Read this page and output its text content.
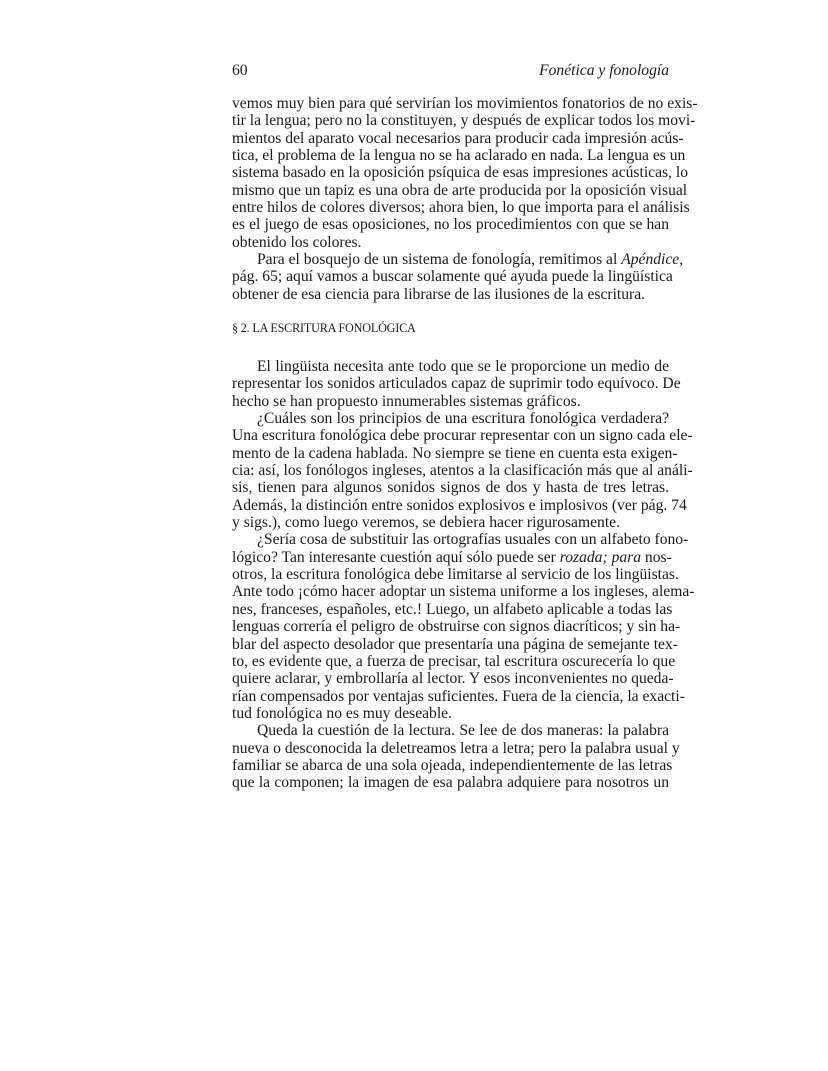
60	Fonética y fonología
vemos muy bien para qué servirían los movimientos fonatorios de no exis-
tir la lengua; pero no la constituyen, y después de explicar todos los movi-
mientos del aparato vocal necesarios para producir cada impresión acús-
tica, el problema de la lengua no se ha aclarado en nada. La lengua es un
sistema basado en la oposición psíquica de esas impresiones acústicas, lo
mismo que un tapiz es una obra de arte producida por la oposición visual
entre hilos de colores diversos; ahora bien, lo que importa para el análisis
es el juego de esas oposiciones, no los procedimientos con que se han
obtenido los colores.
Para el bosquejo de un sistema de fonología, remitimos al Apéndice,
pág. 65; aquí vamos a buscar solamente qué ayuda puede la lingüística
obtener de esa ciencia para librarse de las ilusiones de la escritura.
§ 2. LA ESCRITURA FONOLÓGICA
El lingüista necesita ante todo que se le proporcione un medio de
representar los sonidos articulados capaz de suprimir todo equívoco. De
hecho se han propuesto innumerables sistemas gráficos.
¿Cuáles son los principios de una escritura fonológica verdadera?
Una escritura fonológica debe procurar representar con un signo cada ele-
mento de la cadena hablada. No siempre se tiene en cuenta esta exigen-
cia: así, los fonólogos ingleses, atentos a la clasificación más que al análi-
sis, tienen para algunos sonidos signos de dos y hasta de tres letras.
Además, la distinción entre sonidos explosivos e implosivos (ver pág. 74
y sigs.), como luego veremos, se debiera hacer rigurosamente.
¿Sería cosa de substituir las ortografías usuales con un alfabeto fono-
lógico? Tan interesante cuestión aquí sólo puede ser rozada; para nos-
otros, la escritura fonológica debe limitarse al servicio de los lingüistas.
Ante todo ¡cómo hacer adoptar un sistema uniforme a los ingleses, alema-
nes, franceses, españoles, etc.! Luego, un alfabeto aplicable a todas las
lenguas correría el peligro de obstruirse con signos diacríticos; y sin ha-
blar del aspecto desolador que presentaría una página de semejante tex-
to, es evidente que, a fuerza de precisar, tal escritura oscurecería lo que
quiere aclarar, y embrollaría al lector. Y esos inconvenientes no queda-
rían compensados por ventajas suficientes. Fuera de la ciencia, la exacti-
tud fonológica no es muy deseable.
Queda la cuestión de la lectura. Se lee de dos maneras: la palabra
nueva o desconocida la deletreamos letra a letra; pero la palabra usual y
familiar se abarca de una sola ojeada, independientemente de las letras
que la componen; la imagen de esa palabra adquiere para nosotros un
